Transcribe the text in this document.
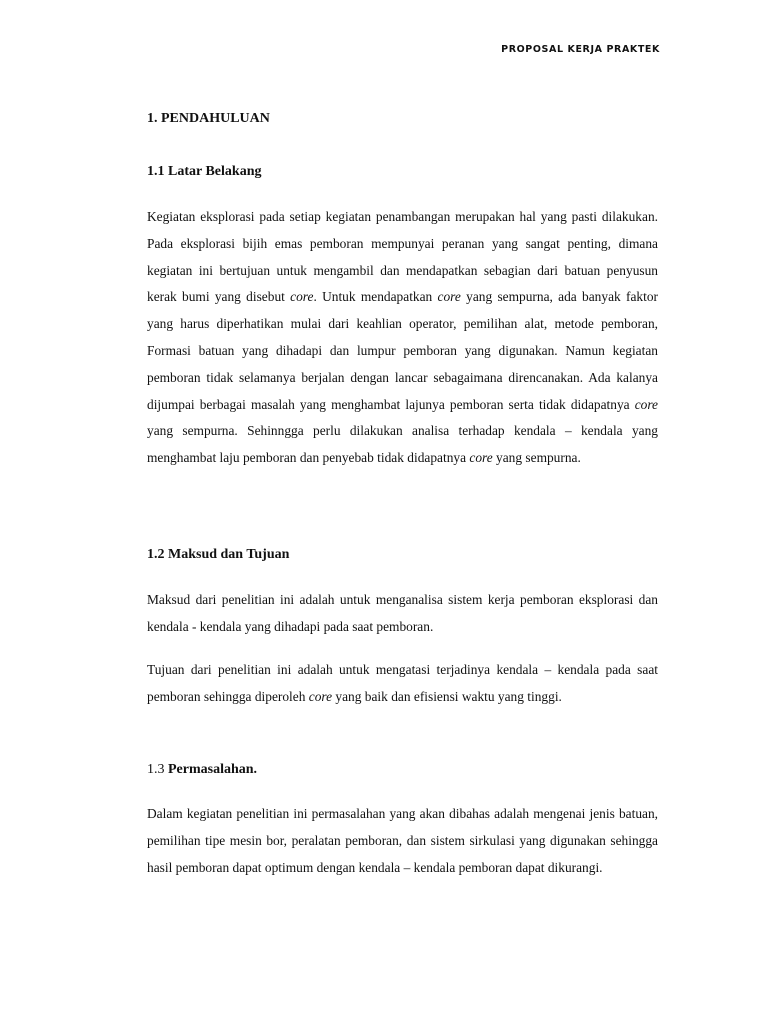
PROPOSAL KERJA PRAKTEK
1. PENDAHULUAN
1.1 Latar Belakang
Kegiatan eksplorasi pada setiap kegiatan penambangan merupakan hal yang pasti dilakukan. Pada eksplorasi bijih emas pemboran mempunyai peranan yang sangat penting, dimana kegiatan ini bertujuan untuk mengambil dan mendapatkan sebagian dari batuan penyusun kerak bumi yang disebut core. Untuk mendapatkan core yang sempurna, ada banyak faktor yang harus diperhatikan mulai dari keahlian operator, pemilihan alat, metode pemboran, Formasi batuan yang dihadapi dan lumpur pemboran yang digunakan. Namun kegiatan pemboran tidak selamanya berjalan dengan lancar sebagaimana direncanakan. Ada kalanya dijumpai berbagai masalah yang menghambat lajunya pemboran serta tidak didapatnya core yang sempurna. Sehinngga perlu dilakukan analisa terhadap kendala – kendala yang menghambat laju pemboran dan penyebab tidak didapatnya core yang sempurna.
1.2 Maksud dan Tujuan
Maksud dari penelitian ini adalah untuk menganalisa sistem kerja pemboran eksplorasi dan kendala - kendala yang dihadapi pada saat pemboran.
Tujuan dari penelitian ini adalah untuk mengatasi terjadinya kendala – kendala pada saat pemboran sehingga diperoleh core yang baik dan efisiensi waktu yang tinggi.
1.3 Permasalahan.
Dalam kegiatan penelitian ini permasalahan yang akan dibahas adalah mengenai jenis batuan, pemilihan tipe mesin bor, peralatan pemboran, dan sistem sirkulasi yang digunakan sehingga hasil pemboran dapat optimum dengan kendala – kendala pemboran dapat dikurangi.
